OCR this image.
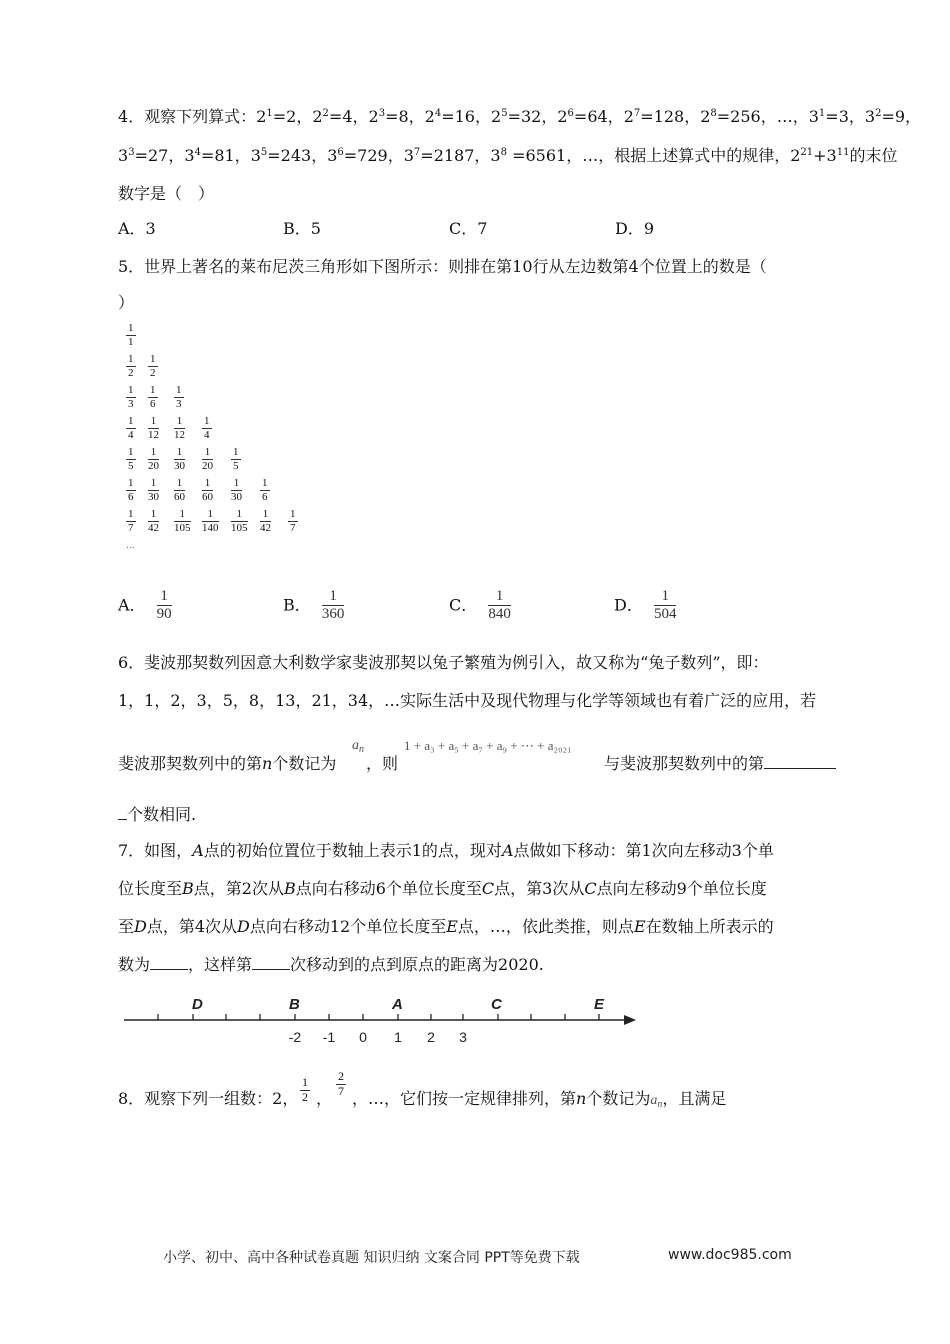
4．观察下列算式：$2^1=2$，$2^2=4$，$2^3=8$，$2^4=16$，$2^5=32$，$2^6=64$，$2^7=128$，$2^8=256$，…，$3^1=3$，$3^2=9$，
$3^3=27$，$3^4=81$，$3^5=243$，$3^6=729$，$3^7=2187$，$3^8 =6561$，…，根据上述算式中的规律，$2^{21}+3^{11}$的末位
数字是（　）
A．3	B．5	C．7	D．9
5．世界上著名的莱布尼茨三角形如下图所示：则排在第10行从左边数第4个位置上的数是（
）
$\frac{1}{1}$
$\frac{1}{2} \frac{1}{2}$
$\frac{1}{3} \frac{1}{6} \frac{1}{3}$
$\frac{1}{4} \frac{1}{12} \frac{1}{12} \frac{1}{4}$
$\frac{1}{5} \frac{1}{20} \frac{1}{30} \frac{1}{20} \frac{1}{5}$
$\frac{1}{6} \frac{1}{30} \frac{1}{60} \frac{1}{60} \frac{1}{30} \frac{1}{6}$
$\frac{1}{7} \frac{1}{42} \frac{1}{105} \frac{1}{140} \frac{1}{105} \frac{1}{42} \frac{1}{7}$
...
A． $\frac{1}{90}$	B． $\frac{1}{360}$	C． $\frac{1}{840}$	D． $\frac{1}{504}$
6．斐波那契数列因意大利数学家斐波那契以兔子繁殖为例引入，故又称为“兔子数列”，即：
1，1，2，3，5，8，13，21，34，…实际生活中及现代物理与化学等领域也有着广泛的应用，若
斐波那契数列中的第n个数记为
$a_n$
，则
1 + a₃ + a₅ + a₇ + a₉ + ⋯ + a₂₀₂₁
与斐波那契数列中的第
个数相同.
7．如图，A点的初始位置位于数轴上表示1的点，现对A点做如下移动：第1次向左移动3个单
位长度至B点，第2次从B点向右移动6个单位长度至C点，第3次从C点向左移动9个单位长度
至D点，第4次从D点向右移动12个单位长度至E点，…，依此类推，则点E在数轴上所表示的
数为 ，这样第 次移动到的点到原点的距离为2020.
D	B	A	C	E
-2 -1 0 1 2 3
8．观察下列一组数：2， $\frac{1}{2}$ ， $\frac{2}{7}$ ，…，它们按一定规律排列，第n个数记为$a_n$，且满足
小学、初中、高中各种试卷真题 知识归纳 文案合同 PPT等免费下载	www.doc985.com
